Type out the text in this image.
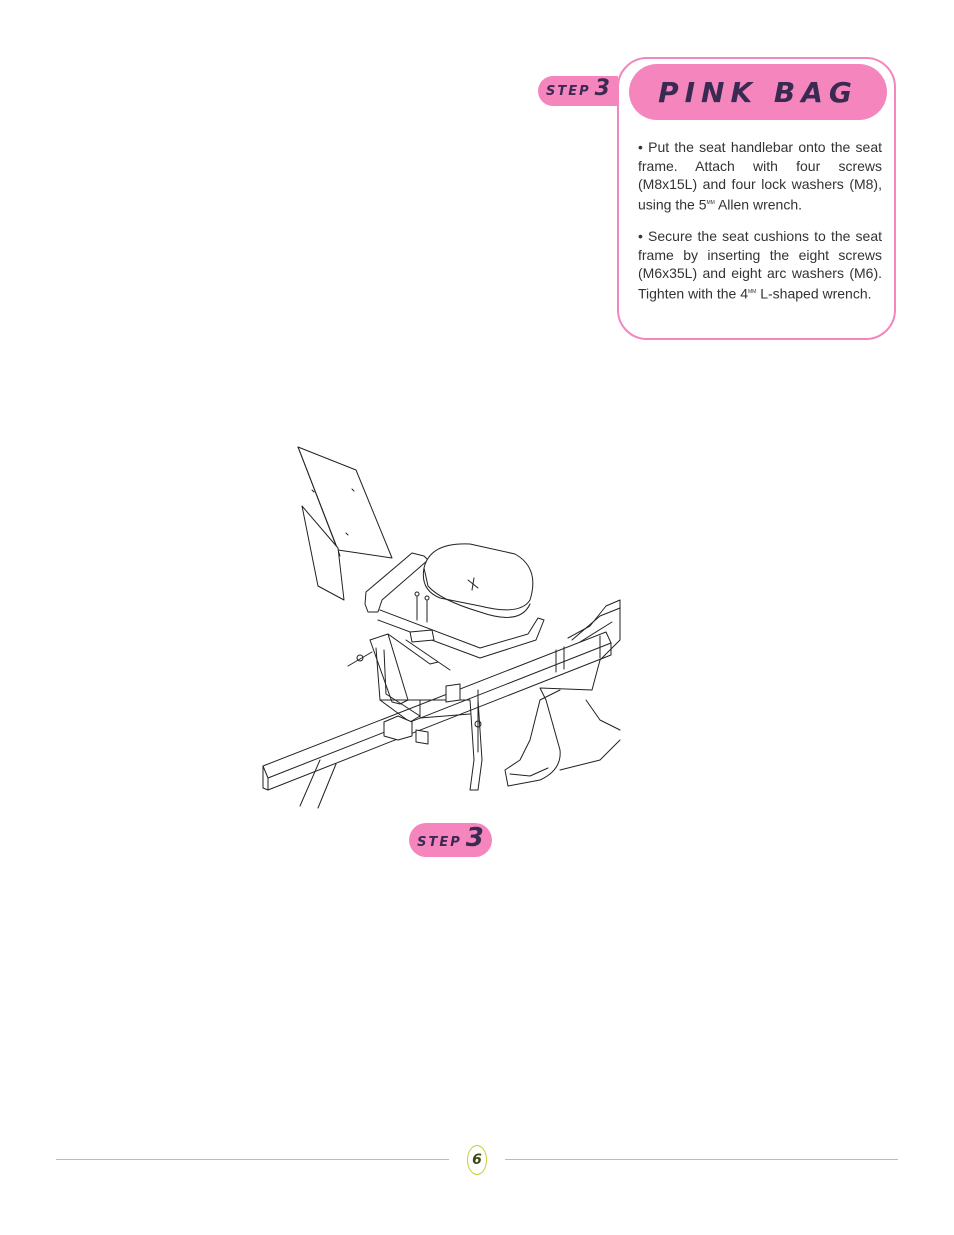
STEP 3	PINK BAG
• Put the seat handlebar onto the seat frame. Attach with four screws (M8x15L) and four lock washers (M8), using the $5^{MM}$ Allen wrench.
• Secure the seat cushions to the seat frame by inserting the eight screws (M6x35L) and eight arc washers (M6). Tighten with the $4^{MM}$ L-shaped wrench.
STEP 3
6
